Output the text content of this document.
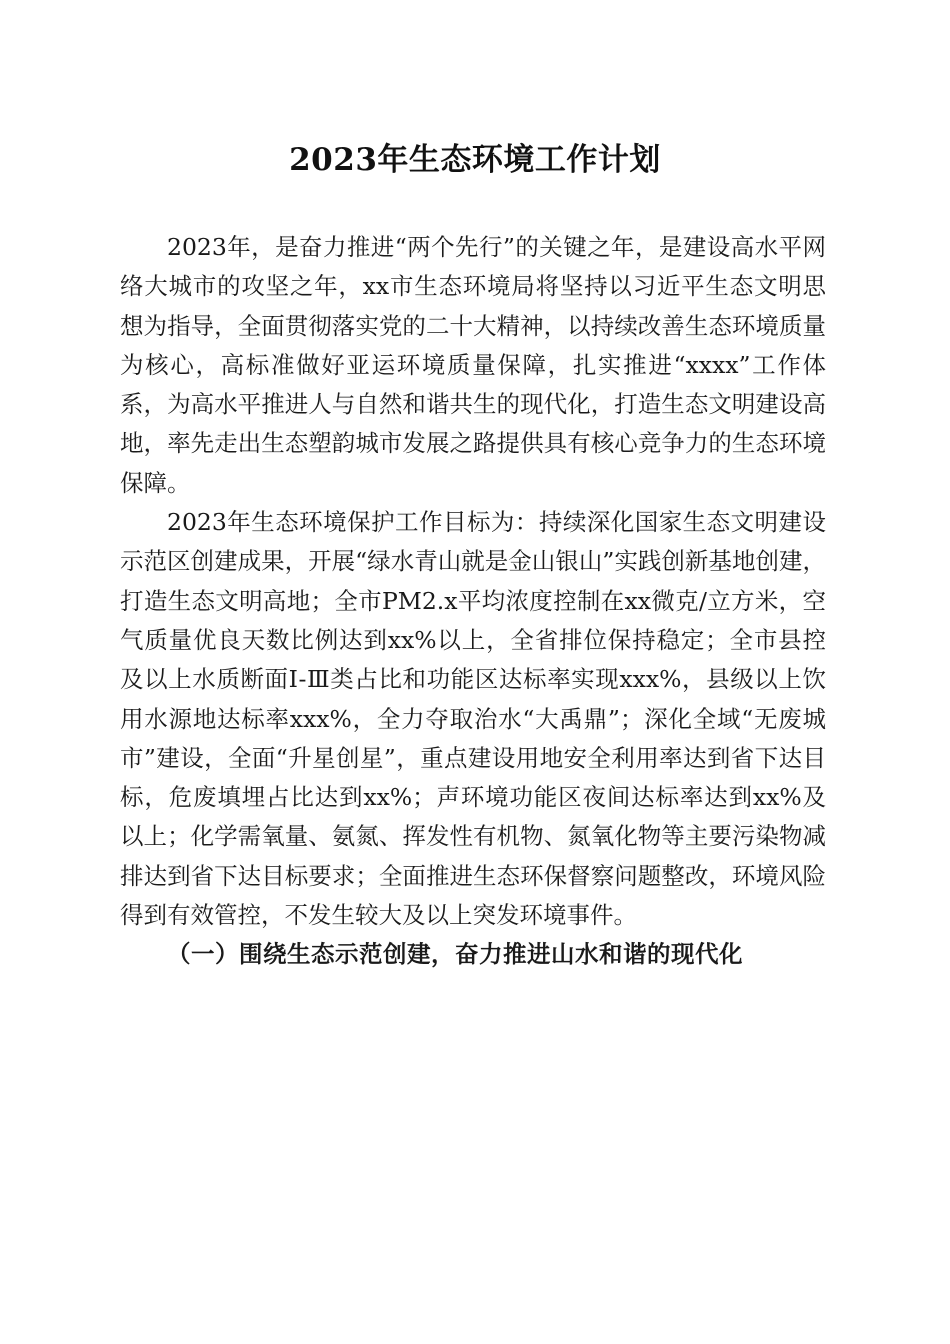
2023年生态环境工作计划

2023年，是奋力推进“两个先行”的关键之年，是建设高水平网络大城市的攻坚之年，xx市生态环境局将坚持以习近平生态文明思想为指导，全面贯彻落实党的二十大精神，以持续改善生态环境质量为核心，高标准做好亚运环境质量保障，扎实推进“xxxx”工作体系，为高水平推进人与自然和谐共生的现代化，打造生态文明建设高地，率先走出生态塑韵城市发展之路提供具有核心竞争力的生态环境保障。

2023年生态环境保护工作目标为：持续深化国家生态文明建设示范区创建成果，开展“绿水青山就是金山银山”实践创新基地创建，打造生态文明高地；全市PM2.x平均浓度控制在xx微克/立方米，空气质量优良天数比例达到xx%以上，全省排位保持稳定；全市县控及以上水质断面Ⅰ-Ⅲ类占比和功能区达标率实现xxx%，县级以上饮用水源地达标率xxx%，全力夺取治水“大禹鼎”；深化全域“无废城市”建设，全面“升星创星”，重点建设用地安全利用率达到省下达目标，危废填埋占比达到xx%；声环境功能区夜间达标率达到xx%及以上；化学需氧量、氨氮、挥发性有机物、氮氧化物等主要污染物减排达到省下达目标要求；全面推进生态环保督察问题整改，环境风险得到有效管控，不发生较大及以上突发环境事件。

（一）围绕生态示范创建，奋力推进山水和谐的现代化
